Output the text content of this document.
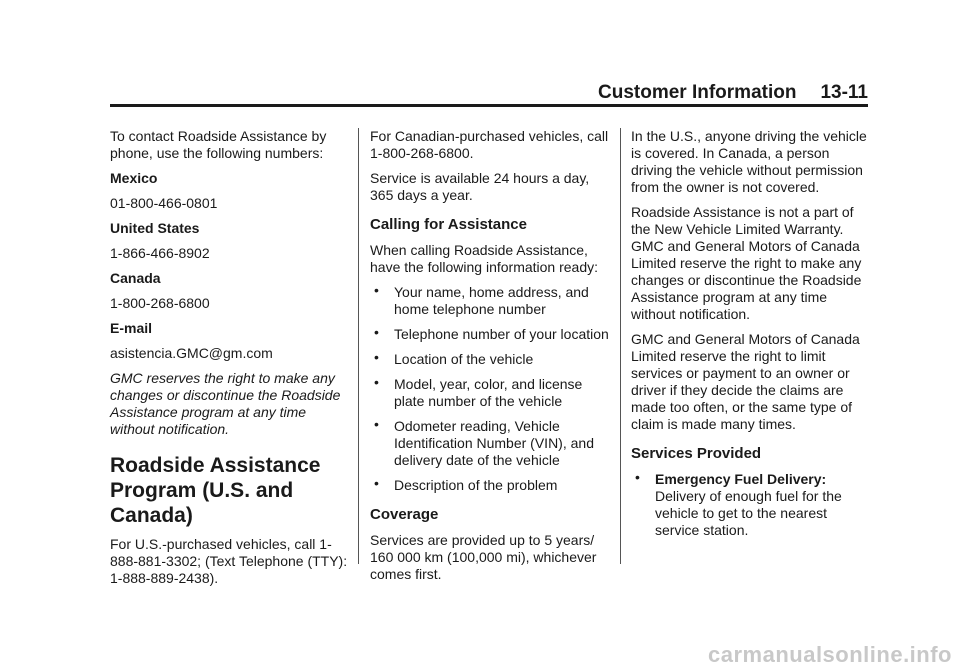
Customer Information 13-11

To contact Roadside Assistance by phone, use the following numbers:

Mexico

01-800-466-0801

United States

1-866-466-8902

Canada

1-800-268-6800

E-mail

asistencia.GMC@gm.com

GMC reserves the right to make any changes or discontinue the Roadside Assistance program at any time without notification.

Roadside Assistance Program (U.S. and Canada)

For U.S.-purchased vehicles, call 1-888-881-3302; (Text Telephone (TTY): 1-888-889-2438).

For Canadian-purchased vehicles, call 1-800-268-6800.

Service is available 24 hours a day, 365 days a year.

Calling for Assistance

When calling Roadside Assistance, have the following information ready:

• Your name, home address, and home telephone number
• Telephone number of your location
• Location of the vehicle
• Model, year, color, and license plate number of the vehicle
• Odometer reading, Vehicle Identification Number (VIN), and delivery date of the vehicle
• Description of the problem
Coverage

Services are provided up to 5 years/ 160 000 km (100,000 mi), whichever comes first.

In the U.S., anyone driving the vehicle is covered. In Canada, a person driving the vehicle without permission from the owner is not covered.

Roadside Assistance is not a part of the New Vehicle Limited Warranty. GMC and General Motors of Canada Limited reserve the right to make any changes or discontinue the Roadside Assistance program at any time without notification.

GMC and General Motors of Canada Limited reserve the right to limit services or payment to an owner or driver if they decide the claims are made too often, or the same type of claim is made many times.

Services Provided
• Emergency Fuel Delivery:
Delivery of enough fuel for the vehicle to get to the nearest service station.
carmanualsonline.info
